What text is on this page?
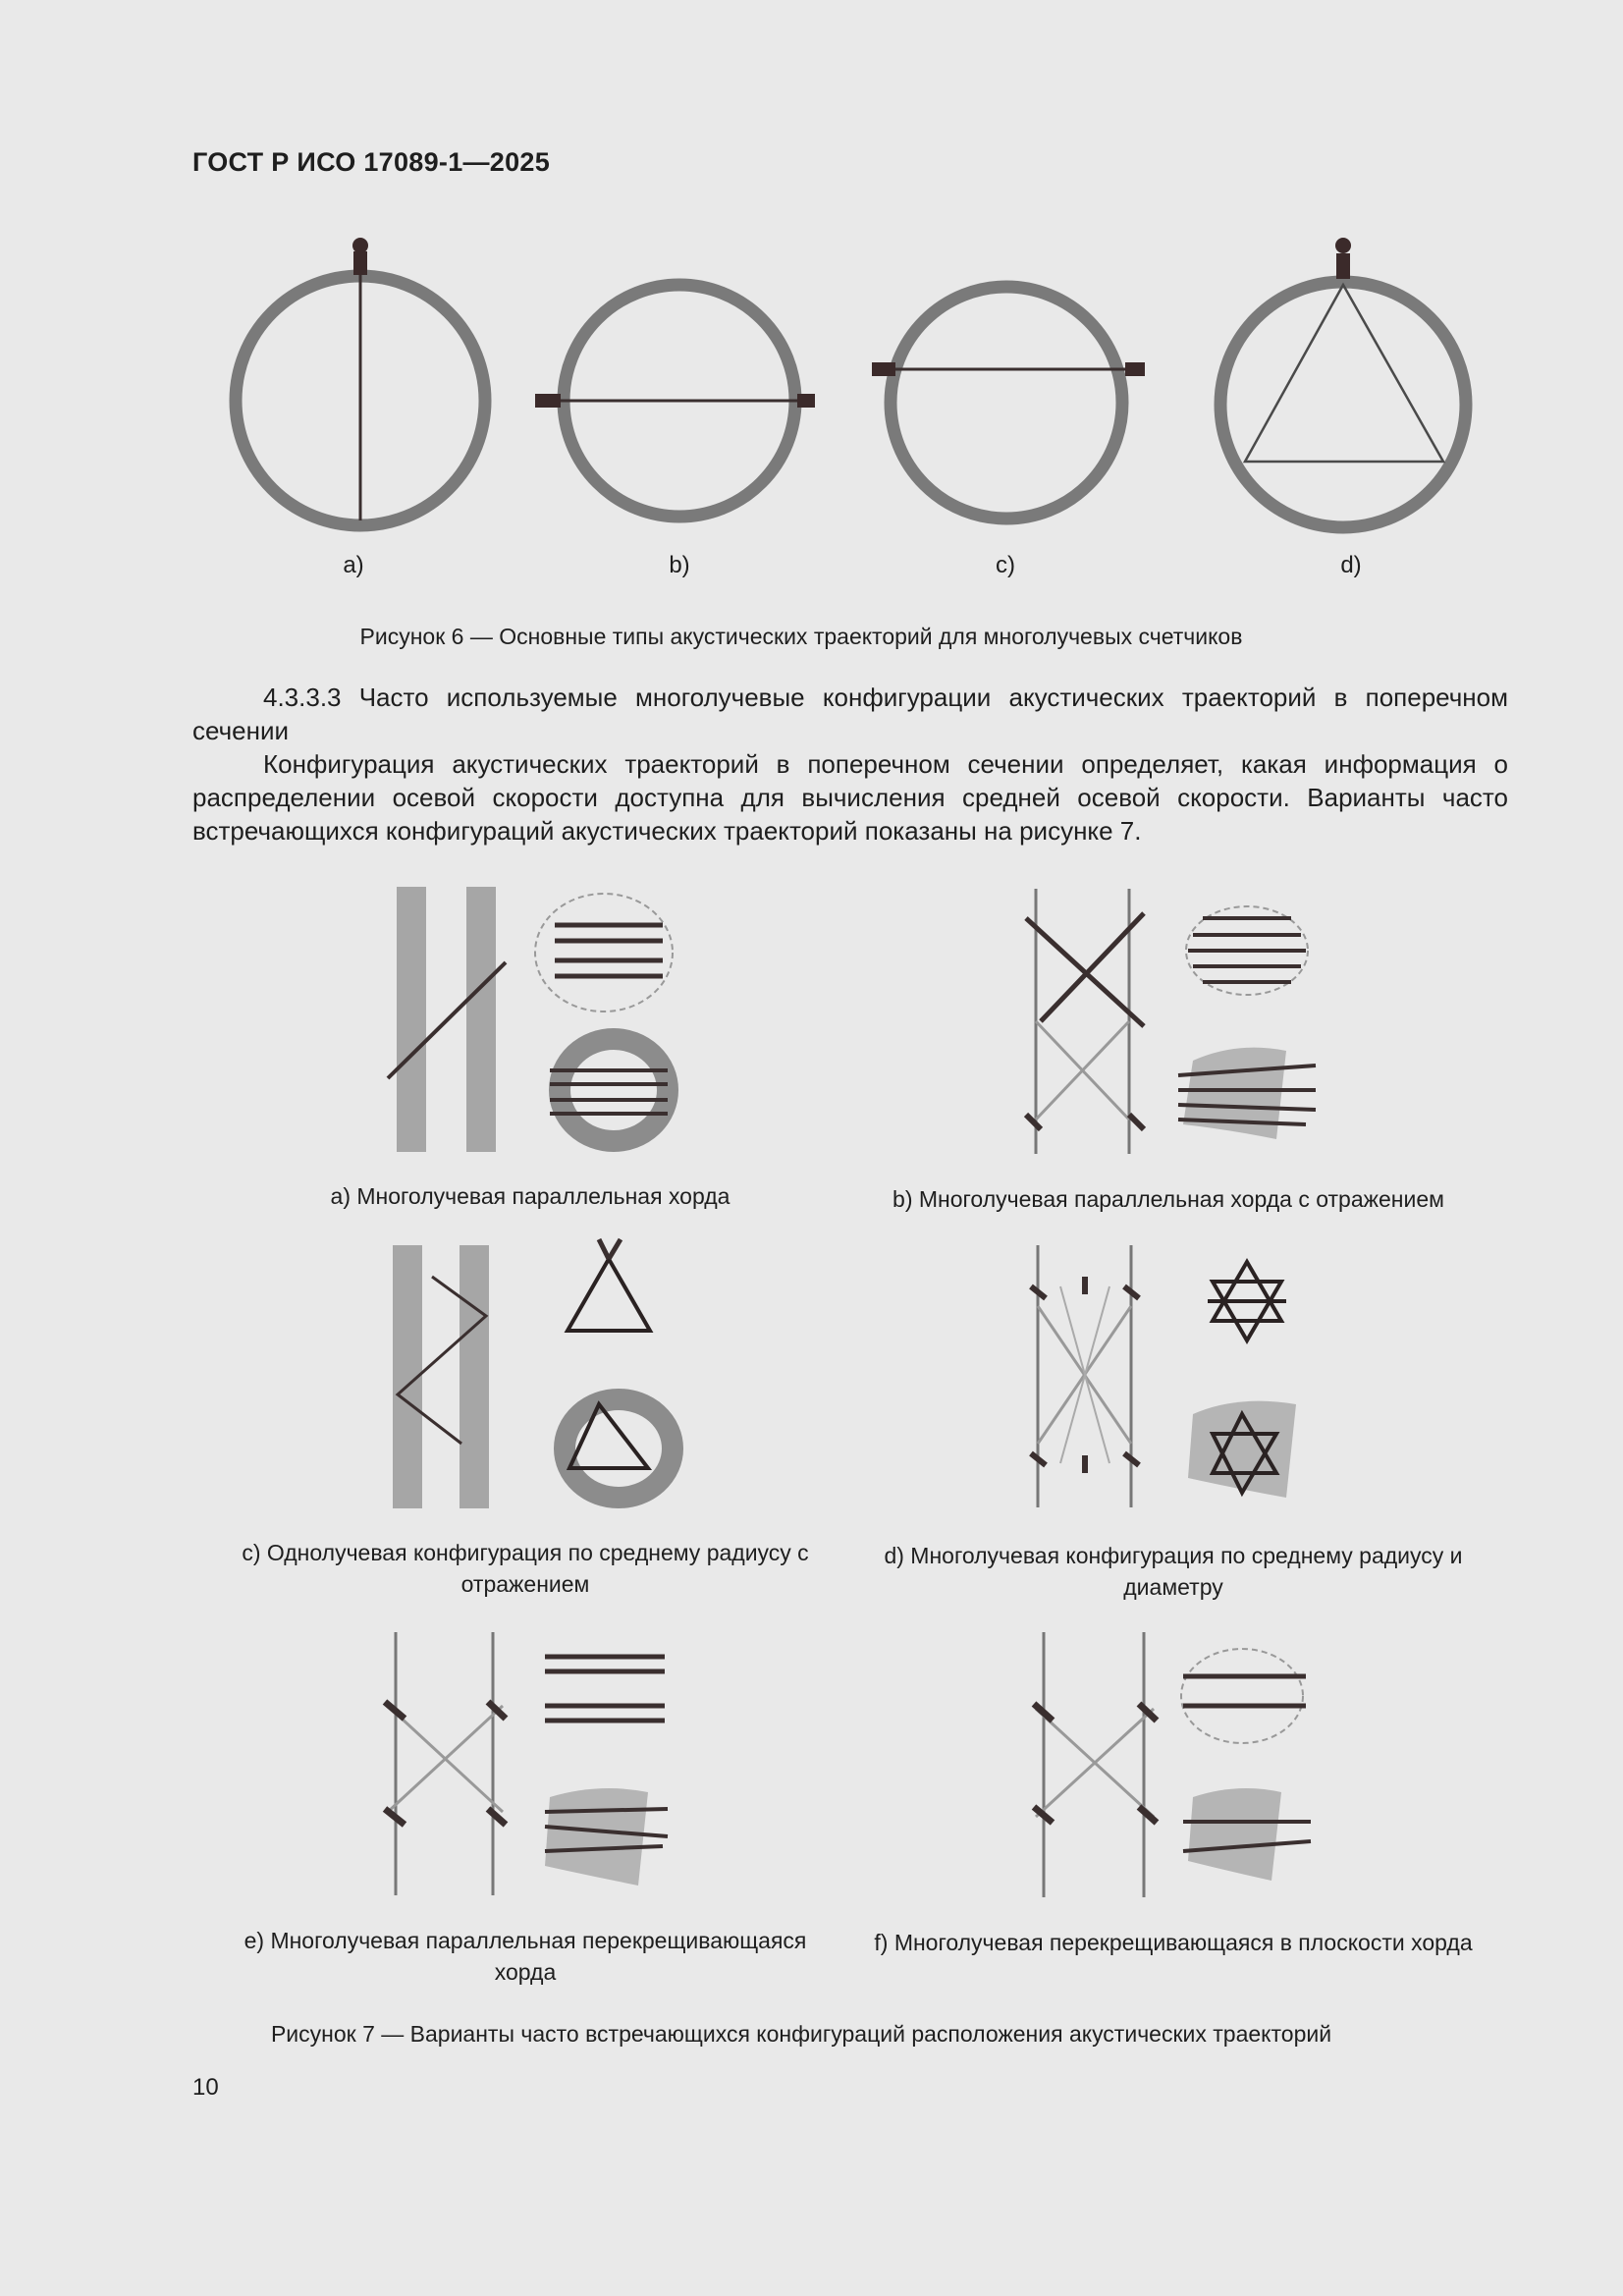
ГОСТ Р ИСО 17089-1—2025
a)	b)	c)	d)
Рисунок 6 — Основные типы акустических траекторий для многолучевых счетчиков
4.3.3.3 Часто используемые многолучевые конфигурации акустических траекторий в поперечном сечении
Конфигурация акустических траекторий в поперечном сечении определяет, какая информация о распределении осевой скорости доступна для вычисления средней осевой скорости. Варианты часто встречающихся конфигураций акустических траекторий показаны на рисунке 7.
a) Многолучевая параллельная хорда	b) Многолучевая параллельная хорда с отражением
c) Однолучевая конфигурация по среднему радиусу с отражением
d) Многолучевая конфигурация по среднему радиусу и диаметру
e) Многолучевая параллельная перекрещивающаяся хорда
f) Многолучевая перекрещивающаяся в плоскости хорда
Рисунок 7 — Варианты часто встречающихся конфигураций расположения акустических траекторий
10
